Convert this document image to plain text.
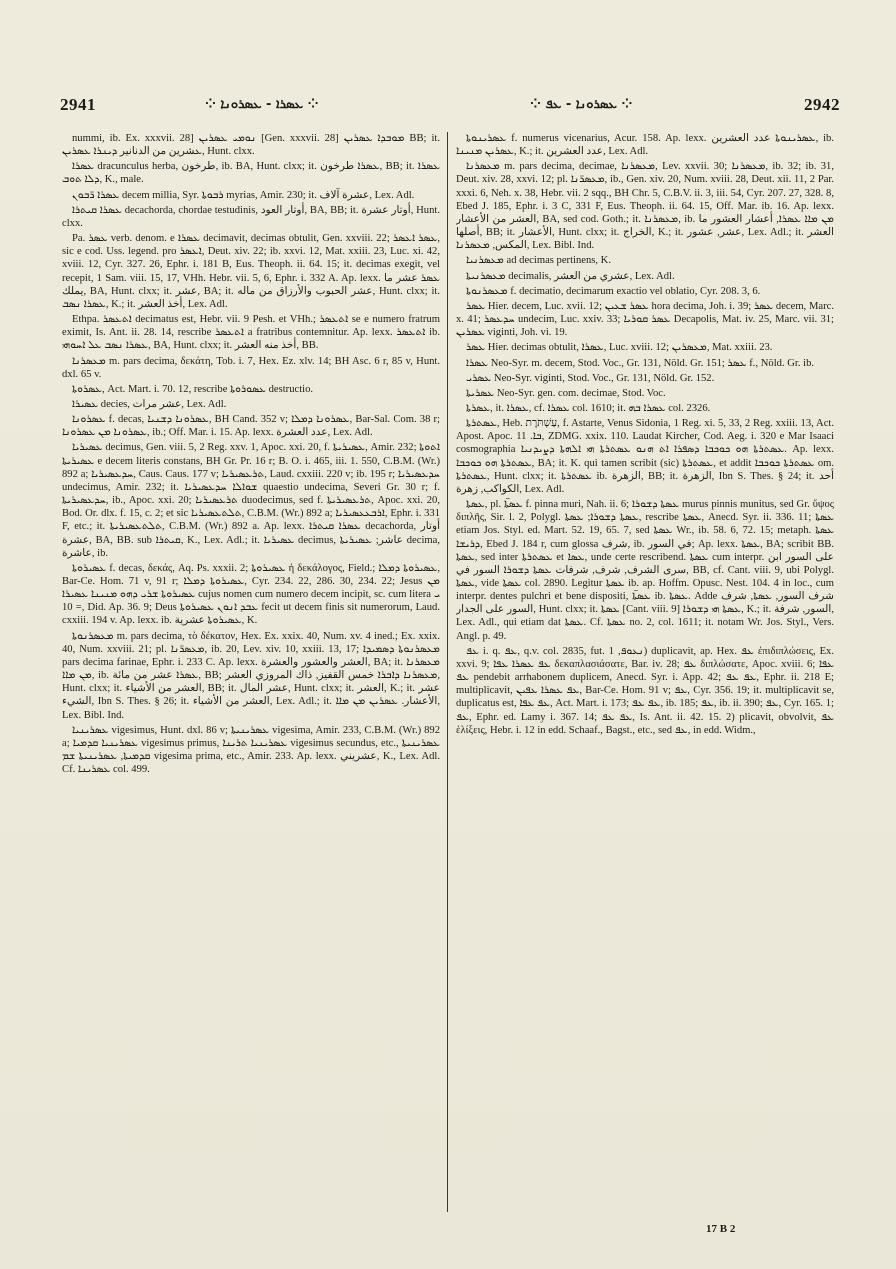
2941	⁘ ܥܣܪܐ - ܥܣܪܘܢܐ ⁘	⁘ ܥܣܪܘܢܐ - ܥܦ ⁘	2942

nummi, ib. Ex. xxxvii. 28] ܢܘܡܝ ܥܣܪܝܢ [Gen. xxxvii. 28] ܡܘܒܕܐ ܥܣܪܝܢ BB; it. ܥشرين من الدنانير ܕܝܢܪܐ ܥܣܪܝܢ, Hunt. clxx.

ܥܣܪܐ dracunculus herba, طرخون, ib. BA, Hunt. clxx; it. ܥܣܪܐ طرخون, BB; it. ܥܣܪܐ ܕܠܐ ܬܘܒ, K., male.

ܥܣܪܐ ܪ̈ܒܘܢ decem millia, Syr. ܪܒܘܬܐ myrias, Amir. 230; it. عشرة آلاف, Lex. Adl.

ܥܣܪܐ ܩܝܬܪܐ decachorda, chordae testudinis, أوتار العود, BA, BB; it. أوتار عشرة, Hunt. clxx.

Pa. ܥܣܪ verb. denom. e ܥܣܪܐ decimavit, decimas obtulit, Gen. xxviii. 22; ܥܣܪ ܐܥܣܪ, sic e cod. Uss. legend. pro ܐܥܣܪ, Deut. xiv. 22; ib. xxvi. 12, Mat. xxiii. 23, Luc. xi. 42, xviii. 12, Cyr. 327. 26, Ephr. i. 181 B, Eus. Theoph. ii. 64. 15; it. decimas exegit, vel recepit, 1 Sam. viii. 15, 17, VHh. Hebr. vii. 5, 6, Ephr. i. 332 A. Ap. lexx. ܥܣܪ عشر ما يملك, BA, Hunt. clxx; it. عشر, BA; it. عشر الحبوب والأرزاق من ماله, Hunt. clxx; it. ܥܣܪܐ ܢܣܒ, K.; it. أخذ العشر, Lex. Adl.

Ethpa. ܐܬܥܣܪ decimatus est, Hebr. vii. 9 Pesh. et VHh.; ܐܬܥܣܪ se e numero fratrum eximit, Is. Ant. ii. 28. 14, rescribe ܐܬܥܣܪ a fratribus contemnitur. Ap. lexx. ܐܬܥܣܪ ib. ܥܣܪܐ ܢܣܒ ܥܠ ܐܚܘܗܝ, BA, Hunt. clxx; it. أخذ منه العشر, BB.

ܡܥܣܪܢܐ m. pars decima, δεκάτη, Tob. i. 7, Hex. Ez. xlv. 14; BH Asc. 6 r, 85 v, Hunt. dxl. 65 v.

ܥܣܪܘܬܐ, Act. Mart. i. 70. 12, rescribe ܥܣܘܪܘܬܐ destructio.

ܥܣܝܪܐ decies, عشر مرات, Lex. Adl.

ܥܣܪܘܢܐ f. decas, ܥܣܪܘܢܐ ܕܫܢܝܐ, BH Cand. 352 v; ܥܣܪܘܢܐ ܕܡܠܐ, Bar-Sal. Com. 38 r; ܥܣܪܘܢܐ ܡܢ ܥܣܪܘܢܐ, ib.; Off. Mar. i. 15. Ap. lexx. عدد العشرة, Lex. Adl.

ܥܣܝܪܝܐ decimus, Gen. viii. 5, 2 Reg. xxv. 1, Apoc. xxi. 20, f. ܥܣܝܪܝܬܐ, Amir. 232; ܐܬܘܬܐ ܥܣܝܪܝܬܐ e decem literis constans, BH Gr. Pr. 16 r; B. O. i. 465, iii. 1. 550, C.B.M. (Wr.) 892 a; ܚܕܥܣܝܪܝܐ, Caus. Caus. 177 v; ܬܪܥܣܝܪܝܐ, Laud. cxxiii. 220 v; ib. 195 r; ܚܕܥܣܝܪܝܐ undecimus, Amir. 232; it. ܫܘܐܠܐ ܚܕܥܣܝܪܝܐ quaestio undecima, Severi Gr. 30 r; f. ܚܕܥܣܝܪܝܬܐ, ib., Apoc. xxi. 20; ܬܪܥܣܝܪܝܐ duodecimus, sed f. ܬܪܥܣܝܪܝܬܐ, Apoc. xxi. 20, Bod. Or. dlx. f. 15, c. 2; et sic ܬܠܬܥܣܝܪܝܐ, C.B.M. (Wr.) 892 a; ܐܪܒܥܥܣܝܪܝܐ, Ephr. i. 331 F, etc.; it. ܬܠܬܥܣܝܪܝܬܐ, C.B.M. (Wr.) 892 a. Ap. lexx. ܥܣܪܐ ܩܝܬܪܐ decachorda, أوتار عشرة, BA, BB. sub ܩܝܬܪܐ, K., Lex. Adl.; it. ܥܣܝܪܝܐ decimus, عاشر; ܥܣܝܪܝܬܐ decima, عاشرة, ib.

ܥܣܝܪܘܬܐ f. decas, δεκάς, Aq. Ps. xxxii. 2; ܥܣܝܪܘܬܐ ἡ δεκάλογος, Field.; ܥܣܝܪܘܬܐ ܕܡܠܐ, Bar-Ce. Hom. 71 v, 91 r; ܥܣܝܪܘܬܐ ܕܡܠܐ, Cyr. 234. 22, 286. 30, 234. 22; Jesus ܡܢ ܥܣܝܪܘܬܐ ܫܪܝ ܕܗܘ ܡܢܝܢܐ ܥܣܝܪܐ cujus nomen cum numero decem incipit, sc. cum litera ܝ = 10, Did. Ap. 36. 9; Deus ܥܒܕ ܐܢܘܢ ܥܣܝܪܘܬܐ fecit ut decem finis sit numerorum, Laud. cxxiii. 194 v. Ap. lexx. ib. ܥܣܝܪܘܬܐ عشرية, K.

ܡܥܣܪܢܘܬܐ m. pars decima, τὸ δέκατον, Hex. Ex. xxix. 40, Num. xv. 4 ined.; Ex. xxix. 40, Num. xxviii. 21; pl. ܡܥܣܪ̈ܢܐ, ib. 20, Lev. xiv. 10, xxiii. 13, 17; ܡܥܣܪܢܘܬܐ ܕܣܡܝܕܐ pars decima farinae, Ephr. i. 233 C. Ap. lexx. العشر والعشور والعشرة, BA; it. ܡܥܣܪܢܐ ܡܢ ܡܐܐ, ib. ܥܣܪܐ عشر من مائة, BB; ܡܥܣܪܢܐ ܕܐܒܪܐ خمس القفيز, ذاك المروزي العشر, Hunt. clxx; it. العشر من الأشياء, BB; it. عشر المال, Hunt. clxx; it. العشر, K.; it. عشر الشيء, Ibn S. Thes. § 26; it. العشر من الأشياء, Lex. Adl.; it. الأعشار. ܥܣܪܝܢ ܡܢ ܡܐܐ, Lex. Bibl. Ind.

ܥܣܪܝܢܝܐ vigesimus, Hunt. dxl. 86 v; ܥܣܪܝܢܝܬܐ vigesima, Amir. 233, C.B.M. (Wr.) 892 a; ܥܣܪܝܢܝܐ ܩܕܡܝܐ vigesimus primus, ܥܣܪܝܢܝܐ ܬܪܝܢܐ vigesimus secundus, etc., ܥܣܪܝܢܝܬܐ ܩܕܡܝܬܐ, ܥܣܪܝܢܝܬܐ ܫܡ vigesima prima, etc., Amir. 233. Ap. lexx. عشريني, K., Lex. Adl. Cf. ܥܣܪܝܢܐ col. 499.

ܥܣܪܝܢܘܬܐ f. numerus vicenarius, Acur. 158. Ap. lexx. ܥܣܪܝܢܘܬܐ عدد العشرين, ib. ܥܣܪܝܢ ܡܢܝܢܐ, K.; it. عدد العشرين, Lex. Adl.

ܡܥܣܪܢܐ m. pars decima, decimae, ܡܥܣܪܢܐ, Lev. xxvii. 30; ܡܥܣܪܢܐ, ib. 32; ib. 31, Deut. xiv. 28, xxvi. 12; pl. ܡܥܣܪ̈ܢܐ, ib., Gen. xiv. 20, Num. xviii. 28, Deut. xii. 11, 2 Par. xxxi. 6, Neh. x. 38, Hebr. vii. 2 sqq., BH Chr. 5, C.B.V. ii. 3, iii. 54, Cyr. 207. 27, 328. 8, Ebed J. 185, Ephr. i. 3 C, 331 F, Eus. Theoph. ii. 64. 15, Off. Mar. ib. 16. Ap. lexx. العشر من الأعشار, BA, sed cod. Goth.; it. ܡܥܣܪܢܐ, ib. ܡܢ ܡܐܐ ܥܣܪܐ, أعشار العشور ما أصلها, BB; it. الأعشار, Hunt. clxx; it. الخراج, K.; it. عشر, عشور, Lex. Adl.; it. العشر المكس, ܡܥܣܪܢܐ, Lex. Bibl. Ind.

ܡܥܣܪܢܝܐ ad decimas pertinens, K.

ܡܥܣܪܢܝܬܐ decimalis, عشري من العشر, Lex. Adl.

ܡܥܣܪܢܘܬܐ f. decimatio, decimarum exactio vel oblatio, Cyr. 208. 3, 6.

ܥܣܪ Hier. decem, Luc. xvii. 12; ܥܣܪ ܫܥܝܢ hora decima, Joh. i. 39; ܥܣܪ decem, Marc. x. 41; ܚܕܥܣܪ undecim, Luc. xxiv. 33; ܥܣܪ ܩܘܪܝܐ Decapolis, Mat. iv. 25, Marc. vii. 31; ܥܣܪܝܢ viginti, Joh. vi. 19.

ܥܣܪ Hier. decimas obtulit, ܥܣܪܐ, Luc. xviii. 12; ܡܥܣܪܝܢ, Mat. xxiii. 23.

ܥܣܪܐ Neo-Syr. m. decem, Stod. Voc., Gr. 131, Nöld. Gr. 151; ܥܣܪ f., Nöld. Gr. ib.

ܥܣܪܝ Neo-Syr. viginti, Stod. Voc., Gr. 131, Nöld. Gr. 152.

ܥܣܪܝܬܐ Neo-Syr. gen. com. decimae, Stod. Voc.

ܥܣܪܬܐ, it. ܥܣܪܐ, cf. ܥܣܪܐ col. 1610; it. ܥܣܪܐ ܒܗ col. 2326.

ܥܣܬܪܬܐ, Heb. עַשְׁתֹּרֶת, f. Astarte, Venus Sidonia, 1 Reg. xi. 5, 33, 2 Reg. xxiii. 13, Act. Apost. Apoc. ܒܐ. 11, ZDMG. xxix. 110. Laudat Kircher, Cod. Aeg. i. 320 e Mar Isaaci cosmographia ܥܣܬܪܬܐ ܗܘ ܟܘܟܒܐ ܕܣܦܪܐ ܐܬ ܗܢܘ ܥܣܬܪܬܐ ܗܝ ܐܠܗܬܐ ܕܨܝܕܢܝܐ. Ap. lexx. ܥܣܬܪܬܐ ܗܘ ܟܘܟܒܐ, BA; it. K. qui tamen scribit (sic) ܥܣܬܪܬܐ, et addit ܥܣܬܪܬܐ ܟܘܟܒܐ om. ܥܣܬܪܬܐ, Hunt. clxx; it. ܥܣܬܪܬܐ ib. الزهرة, BB; it. الزهرة, Ibn S. Thes. § 24; it. أحد الكواكب, زهرة, Lex. Adl.

ܥܣܬܐ, pl. ܥܣܬ̈ܐ f. pinna muri, Nah. ii. 6; ܥܣܬܐ ܕܫܘܪܐ murus pinnis munitus, sed Gr. ὕψος διπλῆς, Sir. l. 2, Polygl. ܥܣܬܐ ܕܫܘܪܐ; ܥܣܬܐ, rescribe ܥܣܬܐ, Anecd. Syr. ii. 336. 11; ܥܣܬܐ etiam Jos. Styl. ed. Mart. 52. 19, 65. 7, sed ܥܣܬܐ Wr., ib. 58. 6, 72. 15; metaph. ܥܣܬܐ ܕܪܝܫܐ, Ebed J. 184 r, cum glossa شرف, ib. في السور; Ap. lexx. ܥܣܬܐ, BA; scribit BB. ܥܣܬܐ, sed inter ܥܣܬܪܬܐ et ܥܣܐ, unde certe rescribend. ܥܣܬܐ cum interpr. على السور ابن سرى الشرف, شرف, شرفات ܥܣܬܐ ܕܫܘܪܐ السور في, BB, cf. Cant. viii. 9, ubi Polygl. ܥܣܬܐ, vide ܥܣܬܐ col. 2890. Legitur ܥܣܬܐ ib. ap. Hoffm. Opusc. Nest. 104. 4 in loc., cum interpr. dentes pulchri et bene dispositi, ܥܣܬ̈ܐ ib. ܥܣܬܐ. Adde شرف السور, ܥܣܬܐ, شرف السور على الجدار, Hunt. clxx; it. ܥܣܬܐ [Cant. viii. 9] ܥܣܬܐ ܗܝ ܕܫܘܪܐ, K.; it. السور, شرفة, Lex. Adl., qui etiam dat ܥܣܬܐ. Cf. ܥܣܬܐ no. 2, col. 1611; it. notam Wr. Jos. Styl., Vers. Angl. p. 49.

ܥܦ i. q. ܥܦ, q.v. col. 2835, fut. ܢܥܘܦ, 1) duplicavit, ap. Hex. ܥܦ ἐπιδιπλώσεις, Ex. xxvi. 9; ܥܦ ܥܣܪܐ ܥܦܐ δεκαπλασιάσατε, Bar. iv. 28; ܥܦ διπλώσατε, Apoc. xviii. 6; ܥܦܐ ܥܦ pendebit arrhabonem duplicem, Anecd. Syr. i. App. 42; ܥܦ ܥܦ, Ephr. ii. 218 E; multiplicavit, ܥܦ ܥܣܪܐ ܥܦܝܢ, Bar-Ce. Hom. 91 v; ܥܦ, Cyr. 356. 19; it. multiplicavit se, duplicatus est, ܥܦ ܥܦܐ, Act. Mart. i. 173; ܥܦ ܥܦ, ib. 185; ܥܦ, ib. ii. 390; ܥܦ, Cyr. 165. 1; ܥܦ, Ephr. ed. Lamy i. 367. 14; ܥܦ ܥܦ, Is. Ant. ii. 42. 15. 2) plicavit, obvolvit, ܥܦ ἑλίξεις, Hebr. i. 12 in edd. Schaaf., Bagst., etc., sed ܥܦ, in edd. Widm.,

17 B 2
